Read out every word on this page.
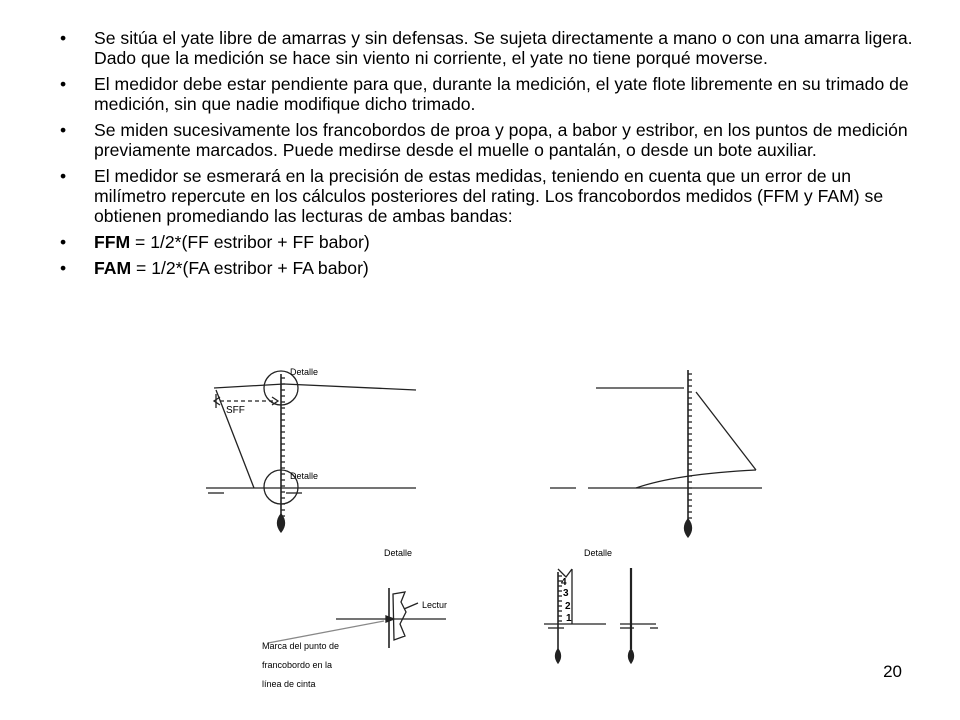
• Se sitúa el yate libre de amarras y sin defensas. Se sujeta directamente a mano o con una amarra ligera. Dado que la medición se hace sin viento ni corriente, el yate no tiene porqué moverse.
• El medidor debe estar pendiente para que, durante la medición, el yate flote libremente en su trimado de medición, sin que nadie modifique dicho trimado.
• Se miden sucesivamente los francobordos de proa y popa, a babor y estribor, en los puntos de medición previamente marcados. Puede medirse desde el muelle o pantalán, o desde un bote auxiliar.
• El medidor se esmerará en la precisión de estas medidas, teniendo en cuenta que un error de un milímetro repercute en los cálculos posteriores del rating. Los francobordos medidos (FFM y FAM) se obtienen promediando las lecturas de ambas bandas:
• FFM = 1/2*(FF estribor + FF babor)
• FAM = 1/2*(FA estribor + FA babor)
Detalle
SFF
Detalle
Detalle
Lectur
Marca del punto de
francobordo en la
línea de cinta
Detalle
4
3
2
1
20
